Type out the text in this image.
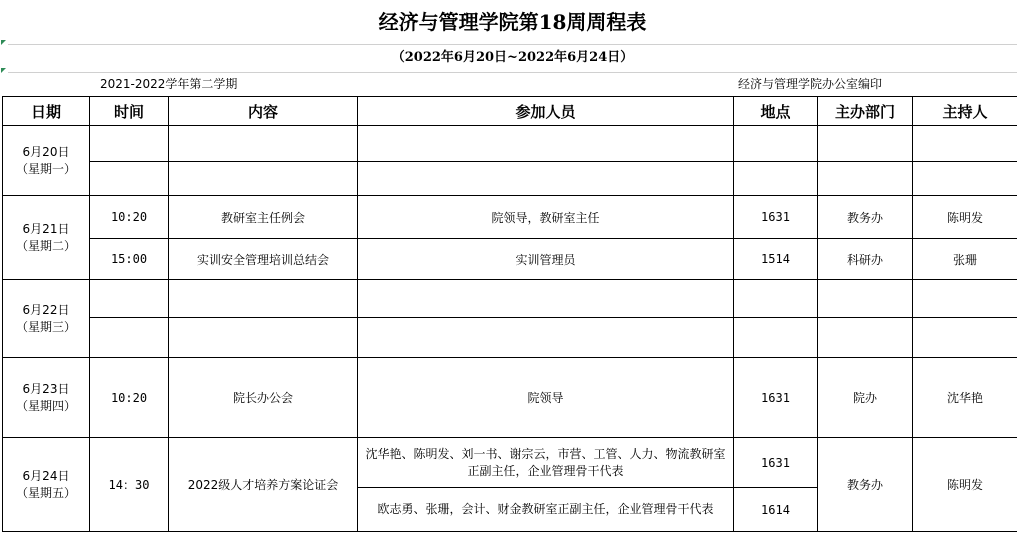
经济与管理学院第18周周程表
（2022年6月20日~2022年6月24日）
2021-2022学年第二学期	经济与管理学院办公室编印
日期	时间	内容	参加人员	地点	主办部门	主持人

6月20日
（星期一）						

6月21日
（星期二）	10:20	教研室主任例会	院领导，教研室主任	1631	教务办	陈明发
	15:00	实训安全管理培训总结会	实训管理员	1514	科研办	张珊

6月22日
（星期三）						

6月23日
（星期四）	10:20	院长办公会	院领导	1631	院办	沈华艳

6月24日
（星期五）	14：30	2022级人才培养方案论证会	沈华艳、陈明发、刘一书、谢宗云，市营、工管、人力、物流教研室正副主任，企业管理骨干代表	1631	教务办	陈明发
			欧志勇、张珊，会计、财金教研室正副主任，企业管理骨干代表	1614		
